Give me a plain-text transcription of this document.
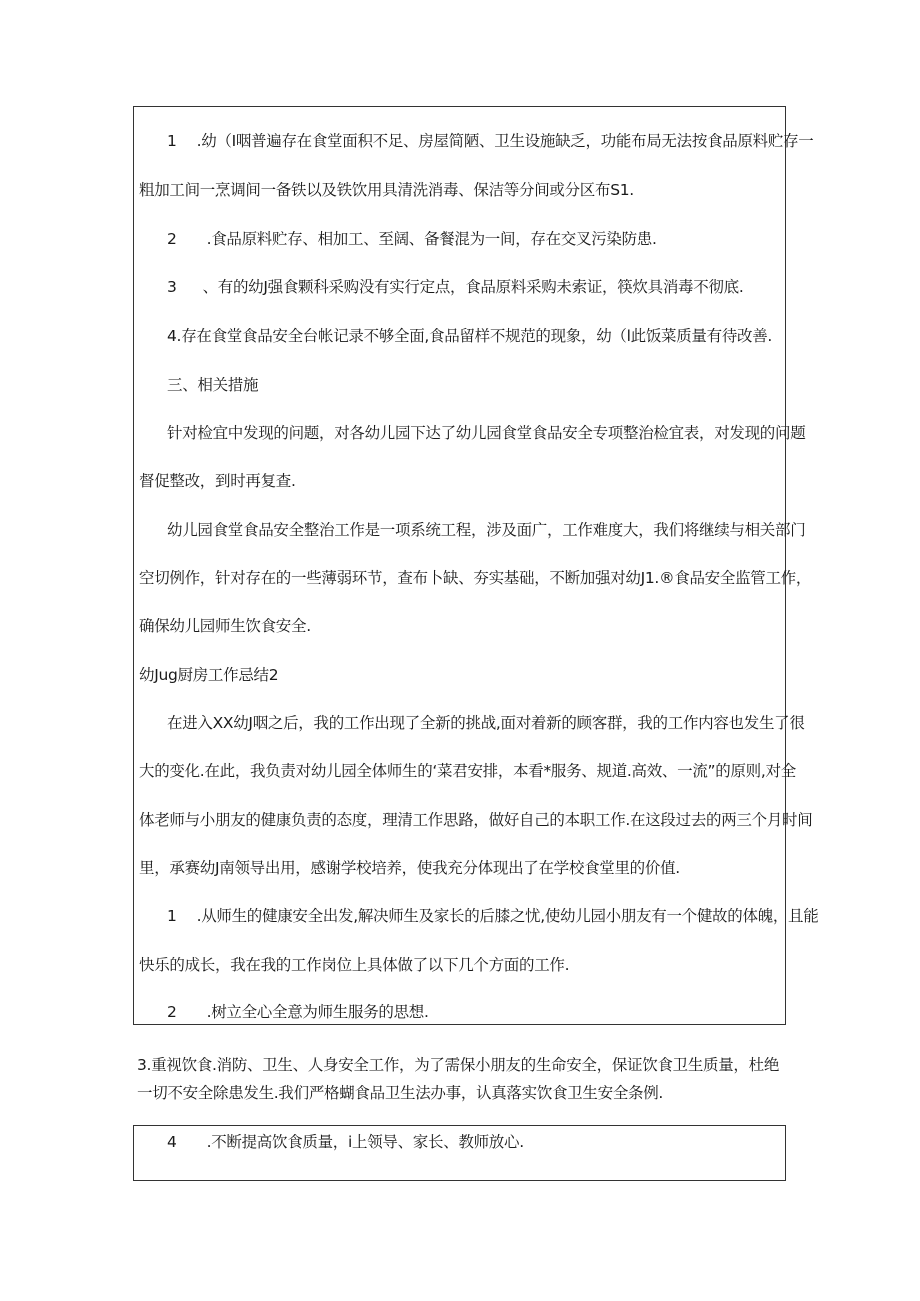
1 .幼（I咽普遍存在食堂面积不足、房屋简陋、卫生设施缺乏，功能布局无法按食品原料贮存一
粗加工间一烹调间一备铁以及铁饮用具清洗消毒、保洁等分间或分区布S1.
2 .食品原料贮存、相加工、至阔、备餐混为一间，存在交叉污染防患.
3 、有的幼J强食颗科采购没有实行定点，食品原料采购未索证，筷炊具消毒不彻底.
4.存在食堂食品安全台帐记录不够全面,食品留样不规范的现象，幼（l此饭菜质量有待改善.
三、相关措施
针对检宜中发现的问题，对各幼儿园下达了幼儿园食堂食品安全专项整治检宜表，对发现的问题
督促整改，到时再复查.
幼儿园食堂食品安全整治工作是一项系统工程，涉及面广，工作难度大，我们将继续与相关部门
空切例作，针对存在的一些薄弱环节，查布卜缺、夯实基础，不断加强对幼J1.®食品安全监管工作，
确保幼儿园师生饮食安全.
幼Jug厨房工作忌结2
在进入XX幼J咽之后，我的工作出现了全新的挑战,面对着新的顾客群，我的工作内容也发生了很
大的变化.在此，我负责对幼儿园全体师生的‘菜君安排，本看*服务、规道.高效、一流”的原则,对全
体老师与小朋友的健康负责的态度，理清工作思路，做好自己的本职工作.在这段过去的两三个月时间
里，承赛幼J南领导出用，感谢学校培养，使我充分体现出了在学校食堂里的价值.
1 .从师生的健康安全出发,解决师生及家长的后膝之忧,使幼儿园小朋友有一个健故的体魄，且能
快乐的成长，我在我的工作岗位上具体做了以下几个方面的工作.
2 .树立全心全意为师生服务的思想.
3.重视饮食.消防、卫生、人身安全工作，为了需保小朋友的生命安全，保证饮食卫生质量，杜绝
一切不安全除患发生.我们严格蝴食品卫生法办事，认真落实饮食卫生安全条例.
4 .不断提高饮食质量，i上领导、家长、教师放心.
